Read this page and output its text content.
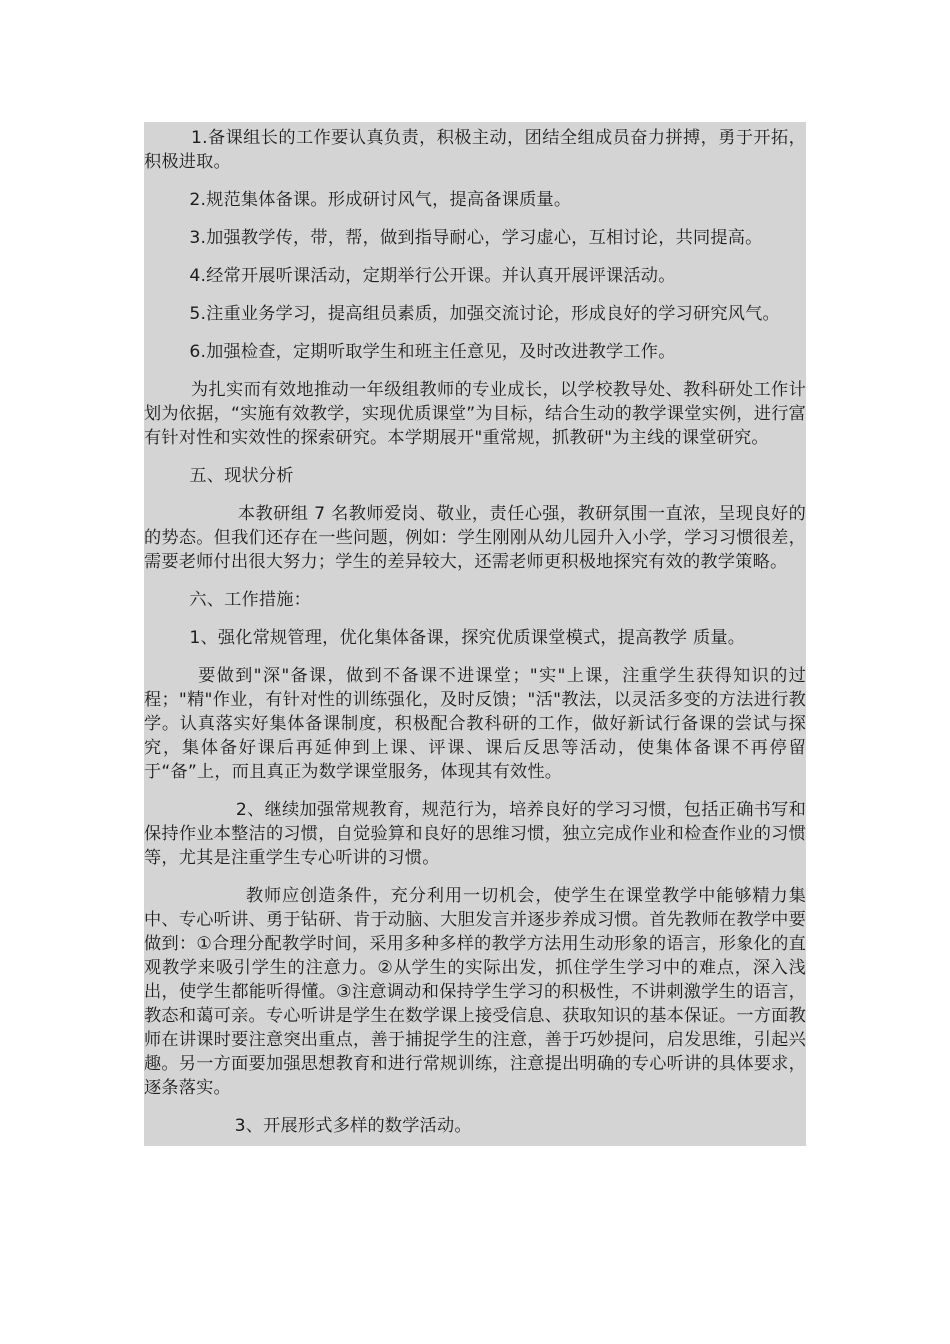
1.备课组长的工作要认真负责，积极主动，团结全组成员奋力拼搏，勇于开拓，积极进取。
2.规范集体备课。形成研讨风气，提高备课质量。
3.加强教学传，带，帮，做到指导耐心，学习虚心，互相讨论，共同提高。
4.经常开展听课活动，定期举行公开课。并认真开展评课活动。
5.注重业务学习，提高组员素质，加强交流讨论，形成良好的学习研究风气。
6.加强检查，定期听取学生和班主任意见，及时改进教学工作。
为扎实而有效地推动一年级组教师的专业成长，以学校教导处、教科研处工作计划为依据，“实施有效教学，实现优质课堂”为目标，结合生动的教学课堂实例，进行富有针对性和实效性的探索研究。本学期展开"重常规，抓教研"为主线的课堂研究。
五、现状分析
本教研组 7 名教师爱岗、敬业，责任心强，教研氛围一直浓，呈现良好的的势态。但我们还存在一些问题，例如：学生刚刚从幼儿园升入小学，学习习惯很差，需要老师付出很大努力；学生的差异较大，还需老师更积极地探究有效的教学策略。
六、工作措施：
1、强化常规管理，优化集体备课，探究优质课堂模式，提高教学 质量。
要做到"深"备课，做到不备课不进课堂；"实"上课，注重学生获得知识的过程；"精"作业，有针对性的训练强化，及时反馈；"活"教法，以灵活多变的方法进行教学。认真落实好集体备课制度，积极配合教科研的工作，做好新试行备课的尝试与探究，集体备好课后再延伸到上课、评课、课后反思等活动，使集体备课不再停留于“备”上，而且真正为数学课堂服务，体现其有效性。
2、继续加强常规教育，规范行为，培养良好的学习习惯，包括正确书写和保持作业本整洁的习惯，自觉验算和良好的思维习惯，独立完成作业和检查作业的习惯等，尤其是注重学生专心听讲的习惯。
教师应创造条件，充分利用一切机会，使学生在课堂教学中能够精力集中、专心听讲、勇于钻研、肯于动脑、大胆发言并逐步养成习惯。首先教师在教学中要做到：①合理分配教学时间，采用多种多样的教学方法用生动形象的语言，形象化的直观教学来吸引学生的注意力。②从学生的实际出发，抓住学生学习中的难点，深入浅出，使学生都能听得懂。③注意调动和保持学生学习的积极性，不讲刺激学生的语言，教态和蔼可亲。专心听讲是学生在数学课上接受信息、获取知识的基本保证。一方面教师在讲课时要注意突出重点，善于捕捉学生的注意，善于巧妙提问，启发思维，引起兴趣。另一方面要加强思想教育和进行常规训练，注意提出明确的专心听讲的具体要求，逐条落实。
3、开展形式多样的数学活动。
